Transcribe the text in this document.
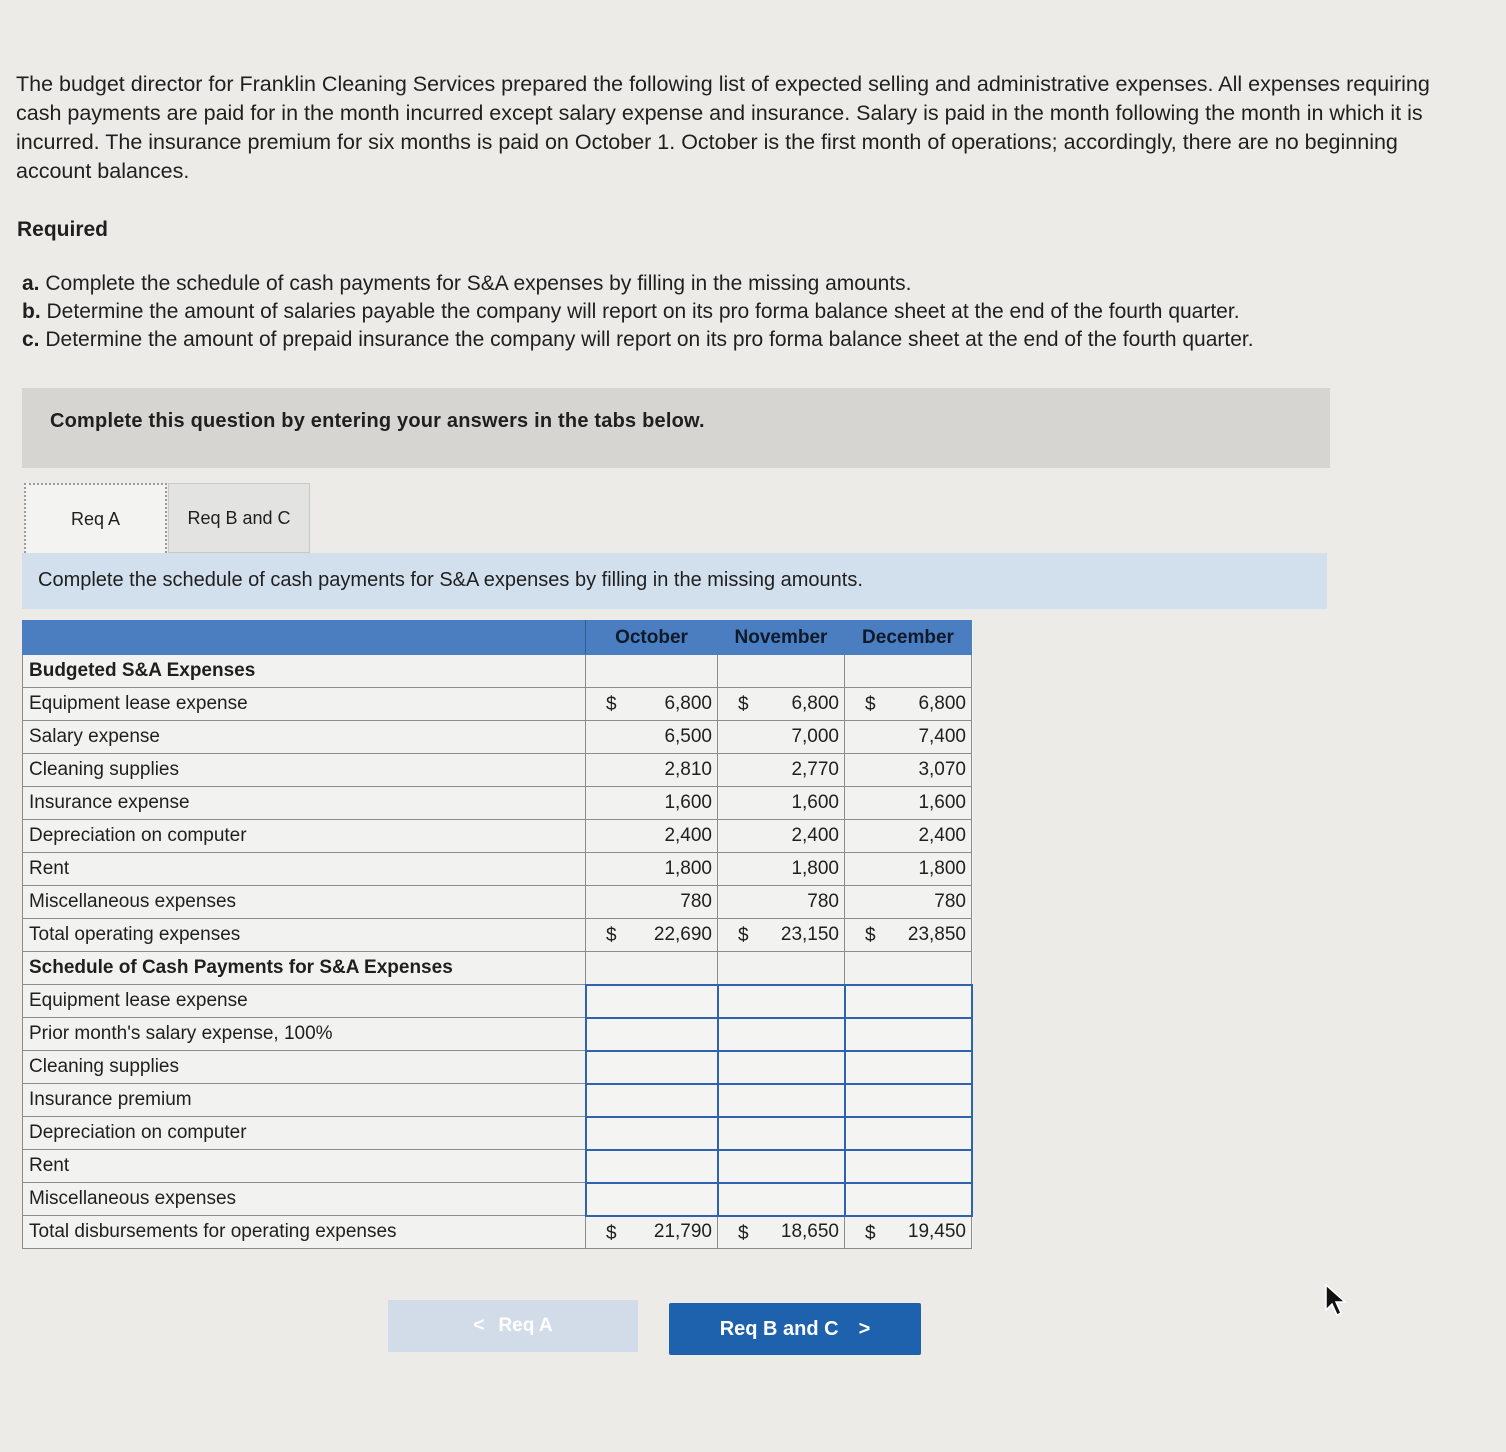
The budget director for Franklin Cleaning Services prepared the following list of expected selling and administrative expenses. All expenses requiring cash payments are paid for in the month incurred except salary expense and insurance. Salary is paid in the month following the month in which it is incurred. The insurance premium for six months is paid on October 1. October is the first month of operations; accordingly, there are no beginning account balances.

Required

a. Complete the schedule of cash payments for S&A expenses by filling in the missing amounts.
b. Determine the amount of salaries payable the company will report on its pro forma balance sheet at the end of the fourth quarter.
c. Determine the amount of prepaid insurance the company will report on its pro forma balance sheet at the end of the fourth quarter.
Complete this question by entering your answers in the tabs below.
Req A	Req B and C
Complete the schedule of cash payments for S&A expenses by filling in the missing amounts.
	October	November	December
Budgeted S&A Expenses			
Equipment lease expense	$ 6,800	$ 6,800	$ 6,800
Salary expense	6,500	7,000	7,400
Cleaning supplies	2,810	2,770	3,070
Insurance expense	1,600	1,600	1,600
Depreciation on computer	2,400	2,400	2,400
Rent	1,800	1,800	1,800
Miscellaneous expenses	780	780	780
Total operating expenses	$ 22,690	$ 23,150	$ 23,850
Schedule of Cash Payments for S&A Expenses			
Equipment lease expense			
Prior month's salary expense, 100%			
Cleaning supplies			
Insurance premium			
Depreciation on computer			
Rent			
Miscellaneous expenses			
Total disbursements for operating expenses	$ 21,790	$ 18,650	$ 19,450
< Req A	Req B and C >
